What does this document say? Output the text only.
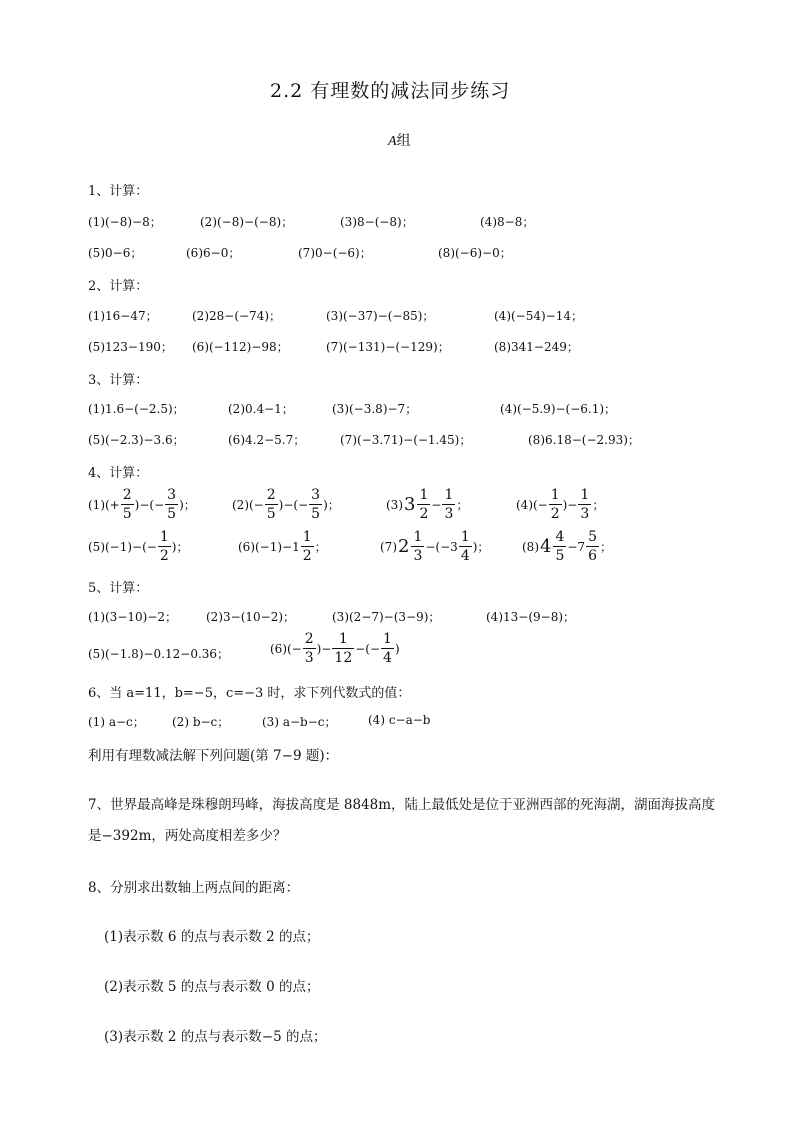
2.2 有理数的减法同步练习
A组
1、计算：
(1)(−8)−8；	(2)(−8)−(−8)；	(3)8−(−8)；	(4)8−8；
(5)0−6；	(6)6−0；	(7)0−(−6)；	(8)(−6)−0；
2、计算：
(1)16−47；	(2)28−(−74)；	(3)(−37)−(−85)；	(4)(−54)−14；
(5)123−190； (6)(−112)−98；	(7)(−131)−(−129)；	(8)341−249；
3、计算：
(1)1.6−(−2.5)；	(2)0.4−1；	(3)(−3.8)−7；	(4)(−5.9)−(−6.1)；
(5)(−2.3)−3.6；	(6)4.2−5.7；	(7)(−3.71)−(−1.45)；	(8)6.18−(−2.93)；
4、计算：
(1) (+ $\frac{2}{5}$ )−(− $\frac{3}{5}$ )；	(2) (− $\frac{2}{5}$ )−(− $\frac{3}{5}$ )；	(3) $3 \frac{1}{2} - \frac{1}{3}$ ；	(4) (− $\frac{1}{2}$ )− $\frac{1}{3}$ ；
(5) $(-1)-(- \frac{1}{2}$ )；	(6) $(-1)-1 \frac{1}{2}$ ；	(7) $2 \frac{1}{3} -(-3 \frac{1}{4}$ )；	(8) $4 \frac{4}{5} -7 \frac{5}{6}$ ；
5、计算：
(1)(3−10)−2； (2)3−(10−2)；	(3)(2−7)−(3−9)；	(4)13−(9−8)；
(5)(−1.8)−0.12−0.36；	(6) (− $\frac{2}{3}$ )− $\frac{1}{12}$ −(− $\frac{1}{4}$ )
6、当 a=11，b=−5，c=−3 时，求下列代数式的值：
(1) a−c； (2) b−c；	(3) a−b−c；	(4) c−a−b
利用有理数减法解下列问题(第 7−9 题)：
7、世界最高峰是珠穆朗玛峰，海拔高度是 8848m，陆上最低处是位于亚洲西部的死海湖，湖面海拔高度
是−392m，两处高度相差多少？
8、分别求出数轴上两点间的距离：
(1)表示数 6 的点与表示数 2 的点；
(2)表示数 5 的点与表示数 0 的点；
(3)表示数 2 的点与表示数−5 的点；
